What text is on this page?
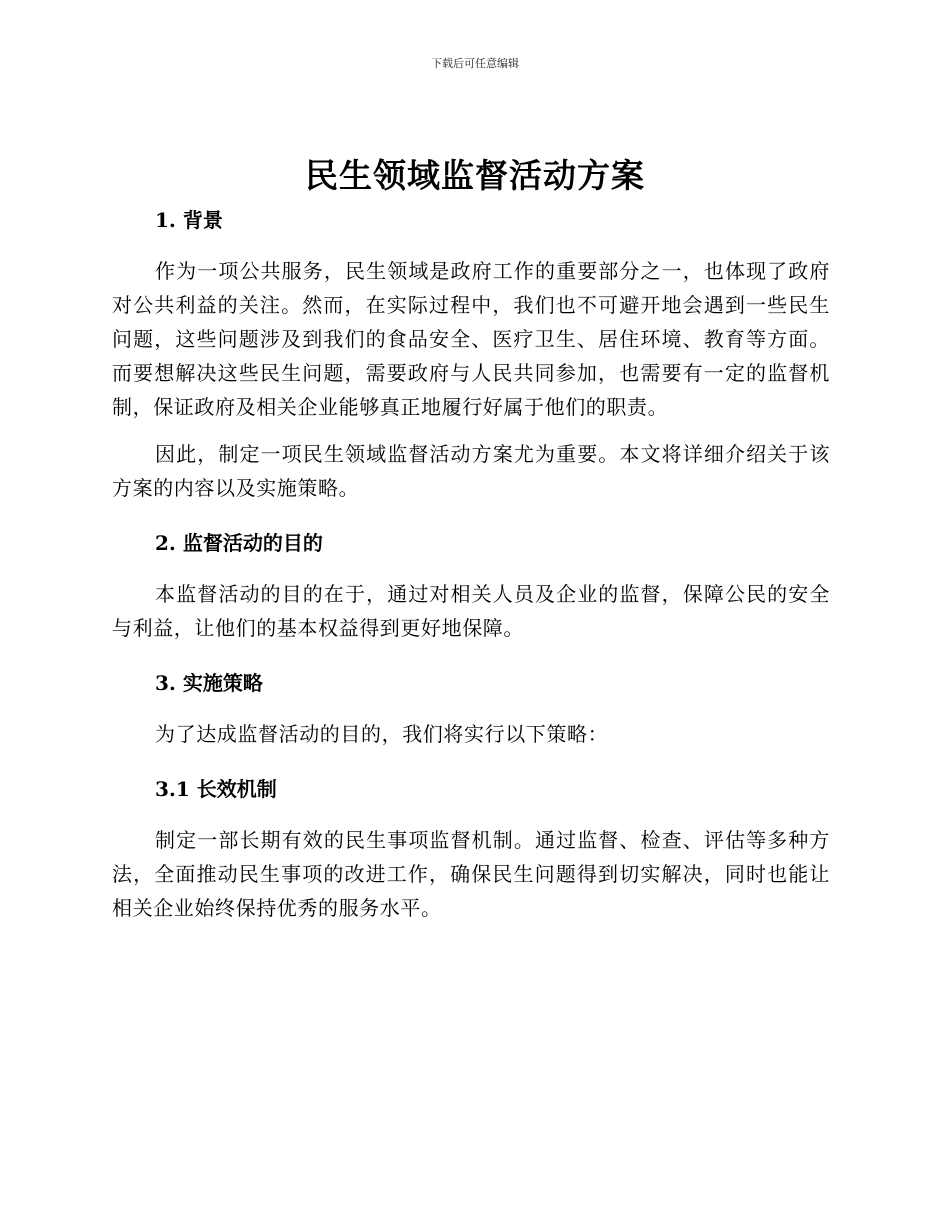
下载后可任意编辑
民生领域监督活动方案

1. 背景

作为一项公共服务，民生领域是政府工作的重要部分之一，也体现了政府对公共利益的关注。然而，在实际过程中，我们也不可避开地会遇到一些民生问题，这些问题涉及到我们的食品安全、医疗卫生、居住环境、教育等方面。而要想解决这些民生问题，需要政府与人民共同参加，也需要有一定的监督机制，保证政府及相关企业能够真正地履行好属于他们的职责。

因此，制定一项民生领域监督活动方案尤为重要。本文将详细介绍关于该方案的内容以及实施策略。

2. 监督活动的目的

本监督活动的目的在于，通过对相关人员及企业的监督，保障公民的安全与利益，让他们的基本权益得到更好地保障。

3. 实施策略

为了达成监督活动的目的，我们将实行以下策略：

3.1 长效机制

制定一部长期有效的民生事项监督机制。通过监督、检查、评估等多种方法，全面推动民生事项的改进工作，确保民生问题得到切实解决，同时也能让相关企业始终保持优秀的服务水平。
